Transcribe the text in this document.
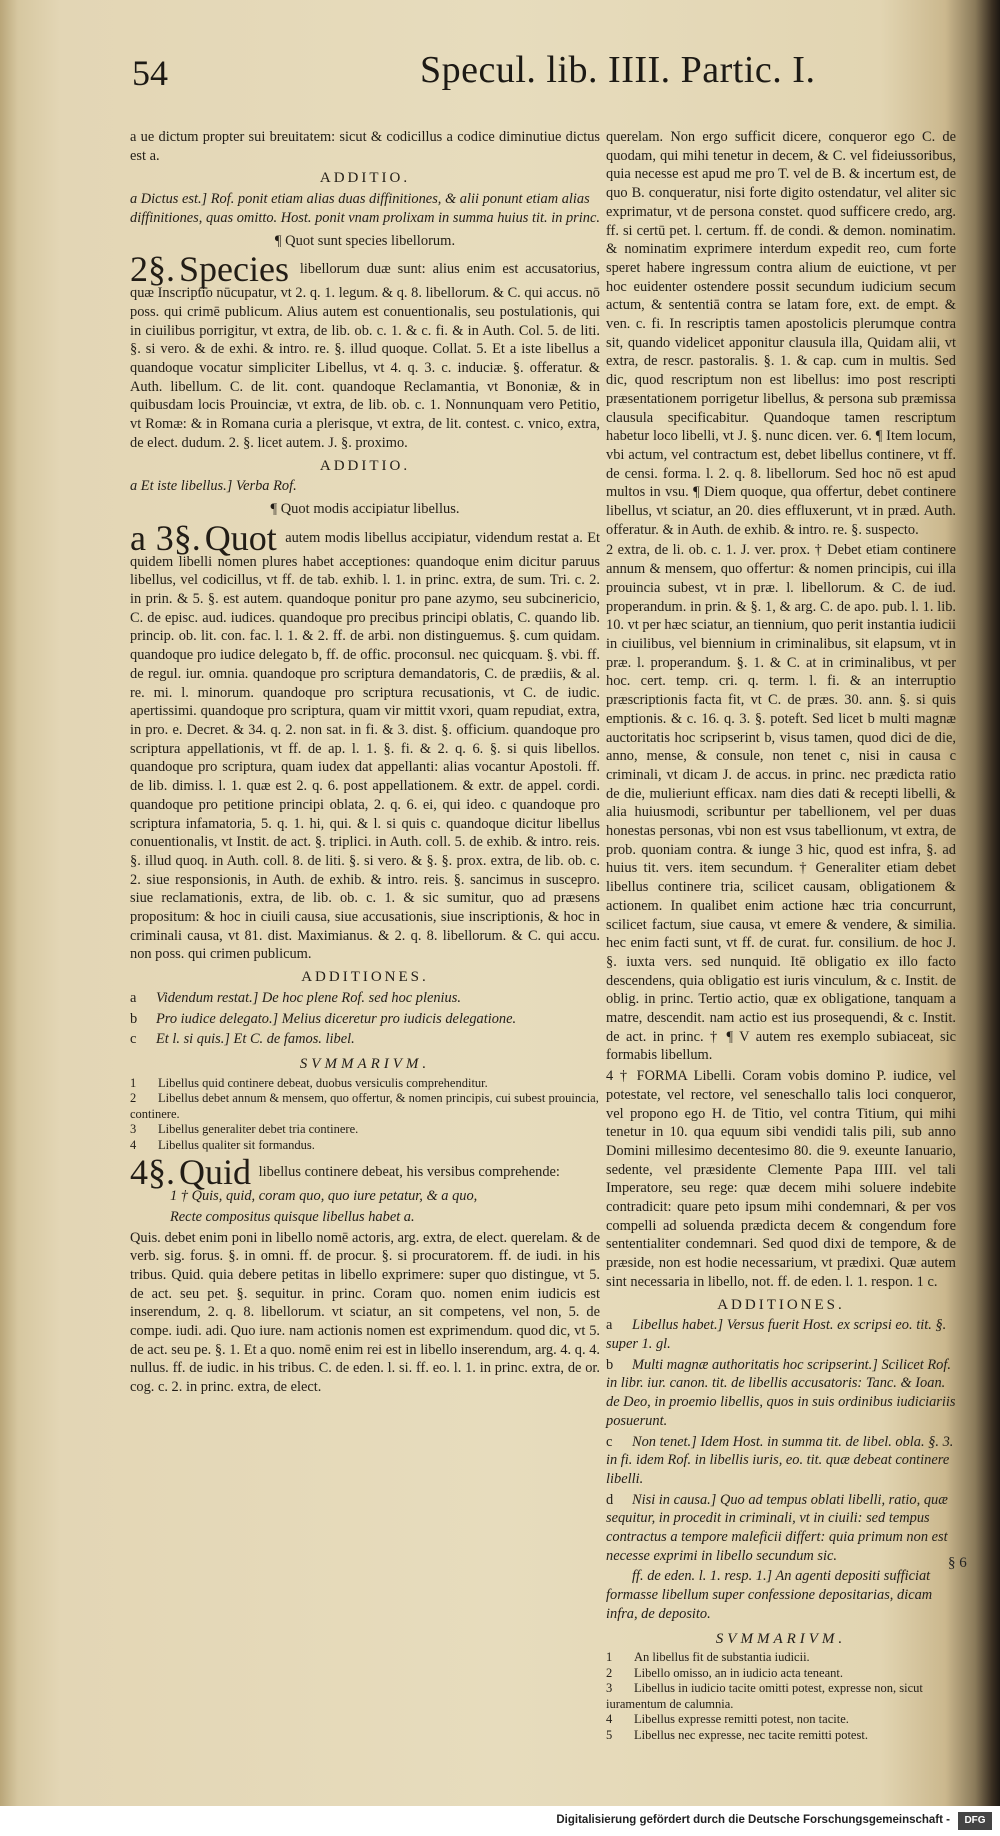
54	Specul. lib. IIII. Partic. I.

a ue dictum propter sui breuitatem: sicut & codicillus a codice diminutiue dictus est a.

ADDITIO.

a Dictus est.] Rof. ponit etiam alias duas diffinitiones, & alii ponunt etiam alias diffinitiones, quas omitto. Host. ponit vnam prolixam in summa huius tit. in princ.

¶ Quot sunt species libellorum.

2§. Species libellorum duæ sunt: alius enim est accusatorius, quæ Inscriptio nūcupatur, vt 2. q. 1. legum. & q. 8. libellorum. & C. qui accus. nō poss. qui crimē publicum. Alius autem est conuentionalis, seu postulationis, qui in ciuilibus porrigitur, vt extra, de lib. ob. c. 1. & c. fi. & in Auth. Col. 5. de liti. §. si vero. & de exhi. & intro. re. §. illud quoque. Collat. 5. Et a iste libellus a quandoque vocatur simpliciter Libellus, vt 4. q. 3. c. induciæ. §. offeratur. & Auth. libellum. C. de lit. cont. quandoque Reclamantia, vt Bononiæ, & in quibusdam locis Prouinciæ, vt extra, de lib. ob. c. 1. Nonnunquam vero Petitio, vt Romæ: & in Romana curia a plerisque, vt extra, de lit. contest. c. vnico, extra, de elect. dudum. 2. §. licet autem. J. §. proximo.

ADDITIO.

a Et iste libellus.] Verba Rof.

¶ Quot modis accipiatur libellus.

a 3§. Quot autem modis libellus accipiatur, videndum restat a. Et quidem libelli nomen plures habet acceptiones: quandoque enim dicitur paruus libellus, vel codicillus, vt ff. de tab. exhib. l. 1. in princ. extra, de sum. Tri. c. 2. in prin. & 5. §. est autem. quandoque ponitur pro pane azymo, seu subcinericio, C. de episc. aud. iudices. quandoque pro precibus principi oblatis, C. quando lib. princip. ob. lit. con. fac. l. 1. & 2. ff. de arbi. non distinguemus. §. cum quidam. quandoque pro iudice delegato b, ff. de offic. proconsul. nec quicquam. §. vbi. ff. de regul. iur. omnia. quandoque pro scriptura demandatoris, C. de prædiis, & al. re. mi. l. minorum. quandoque pro scriptura recusationis, vt C. de iudic. apertissimi. quandoque pro scriptura, quam vir mittit vxori, quam repudiat, extra, in pro. e. Decret. & 34. q. 2. non sat. in fi. & 3. dist. §. officium. quandoque pro scriptura appellationis, vt ff. de ap. l. 1. §. fi. & 2. q. 6. §. si quis libellos. quandoque pro scriptura, quam iudex dat appellanti: alias vocantur Apostoli. ff. de lib. dimiss. l. 1. quæ est 2. q. 6. post appellationem. & extr. de appel. cordi. quandoque pro petitione principi oblata, 2. q. 6. ei, qui ideo. c quandoque pro scriptura infamatoria, 5. q. 1. hi, qui. & l. si quis c. quandoque dicitur libellus conuentionalis, vt Instit. de act. §. triplici. in Auth. coll. 5. de exhib. & intro. reis. §. illud quoq. in Auth. coll. 8. de liti. §. si vero. & §. §. prox. extra, de lib. ob. c. 2. siue responsionis, in Auth. de exhib. & intro. reis. §. sancimus in suscepro. siue reclamationis, extra, de lib. ob. c. 1. & sic sumitur, quo ad præsens propositum: & hoc in ciuili causa, siue accusationis, siue inscriptionis, & hoc in criminali causa, vt 81. dist. Maximianus. & 2. q. 8. libellorum. & C. qui accu. non poss. qui crimen publicum.

ADDITIONES.

a Videndum restat.] De hoc plene Rof. sed hoc plenius.

b Pro iudice delegato.] Melius diceretur pro iudicis delegatione.

c Et l. si quis.] Et C. de famos. libel.

SVMMARIVM.

1 Libellus quid continere debeat, duobus versiculis comprehenditur.

2 Libellus debet annum & mensem, quo offertur, & nomen principis, cui subest prouincia, continere.

3 Libellus generaliter debet tria continere.

4 Libellus qualiter sit formandus.

4§. Quid libellus continere debeat, his versibus comprehende:

1 † Quis, quid, coram quo, quo iure petatur, & a quo,

Recte compositus quisque libellus habet a.

Quis. debet enim poni in libello nomē actoris, arg. extra, de elect. querelam. & de verb. sig. forus. §. in omni. ff. de procur. §. si procuratorem. ff. de iudi. in his tribus. Quid. quia debere petitas in libello exprimere: super quo distingue, vt 5. de act. seu pet. §. sequitur. in princ. Coram quo. nomen enim iudicis est inserendum, 2. q. 8. libellorum. vt sciatur, an sit competens, vel non, 5. de compe. iudi. adi. Quo iure. nam actionis nomen est exprimendum. quod dic, vt 5. de act. seu pe. §. 1. Et a quo. nomē enim rei est in libello inserendum, arg. 4. q. 4. nullus. ff. de iudic. in his tribus. C. de eden. l. si. ff. eo. l. 1. in princ. extra, de or. cog. c. 2. in princ. extra, de elect.

querelam. Non ergo sufficit dicere, conqueror ego C. de quodam, qui mihi tenetur in decem, & C. vel fideiussoribus, quia necesse est apud me pro T. vel de B. & incertum est, de quo B. conqueratur, nisi forte digito ostendatur, vel aliter sic exprimatur, vt de persona constet. quod sufficere credo, arg. ff. si certū pet. l. certum. ff. de condi. & demon. nominatim. & nominatim exprimere interdum expedit reo, cum forte speret habere ingressum contra alium de euictione, vt per hoc euidenter ostendere possit secundum iudicium secum actum, & sententiā contra se latam fore, ext. de empt. & ven. c. fi. In rescriptis tamen apostolicis plerumque contra sit, quando videlicet apponitur clausula illa, Quidam alii, vt extra, de rescr. pastoralis. §. 1. & cap. cum in multis. Sed dic, quod rescriptum non est libellus: imo post rescripti præsentationem porrigetur libellus, & persona sub præmissa clausula specificabitur. Quandoque tamen rescriptum habetur loco libelli, vt J. §. nunc dicen. ver. 6. ¶ Item locum, vbi actum, vel contractum est, debet libellus continere, vt ff. de censi. forma. l. 2. q. 8. libellorum. Sed hoc nō est apud multos in vsu. ¶ Diem quoque, qua offertur, debet continere libellus, vt sciatur, an 20. dies effluxerunt, vt in præd. Auth. offeratur. & in Auth. de exhib. & intro. re. §. suspecto.

2 extra, de li. ob. c. 1. J. ver. prox. † Debet etiam continere annum & mensem, quo offertur: & nomen principis, cui illa prouincia subest, vt in præ. l. libellorum. & C. de iud. properandum. in prin. & §. 1, & arg. C. de apo. pub. l. 1. lib. 10. vt per hæc sciatur, an tiennium, quo perit instantia iudicii in ciuilibus, vel biennium in criminalibus, sit elapsum, vt in præ. l. properandum. §. 1. & C. at in criminalibus, vt per hoc. cert. temp. cri. q. term. l. fi. & an interruptio præscriptionis facta fit, vt C. de præs. 30. ann. §. si quis emptionis. & c. 16. q. 3. §. poteft. Sed licet b multi magnæ auctoritatis hoc scripserint b, visus tamen, quod dici de die, anno, mense, & consule, non tenet c, nisi in causa c criminali, vt dicam J. de accus. in princ. nec prædicta ratio de die, mulieriunt efficax. nam dies dati & recepti libelli, & alia huiusmodi, scribuntur per tabellionem, vel per duas honestas personas, vbi non est vsus tabellionum, vt extra, de prob. quoniam contra. & iunge 3 hic, quod est infra, §. ad huius tit. vers. item secundum. † Generaliter etiam debet libellus continere tria, scilicet causam, obligationem & actionem. In qualibet enim actione hæc tria concurrunt, scilicet factum, siue causa, vt emere & vendere, & similia. hec enim facti sunt, vt ff. de curat. fur. consilium. de hoc J. §. iuxta vers. sed nunquid. Itē obligatio ex illo facto descendens, quia obligatio est iuris vinculum, & c. Instit. de oblig. in princ. Tertio actio, quæ ex obligatione, tanquam a matre, descendit. nam actio est ius prosequendi, & c. Instit. de act. in princ. † ¶ V autem res exemplo subiaceat, sic formabis libellum.

4 † FORMA Libelli. Coram vobis domino P. iudice, vel potestate, vel rectore, vel seneschallo talis loci conqueror, vel propono ego H. de Titio, vel contra Titium, qui mihi tenetur in 10. qua equum sibi vendidi talis pili, sub anno Domini millesimo decentesimo 80. die 9. exeunte Ianuario, sedente, vel præsidente Clemente Papa IIII. vel tali Imperatore, seu rege: quæ decem mihi soluere indebite contradicit: quare peto ipsum mihi condemnari, & per vos compelli ad soluenda prædicta decem & congendum fore sententialiter condemnari. Sed quod dixi de tempore, & de præside, non est hodie necessarium, vt prædixi. Quæ autem sint necessaria in libello, not. ff. de eden. l. 1. respon. 1 c.

ADDITIONES.

a Libellus habet.] Versus fuerit Host. ex scripsi eo. tit. §. super 1. gl.

b Multi magnæ authoritatis hoc scripserint.] Scilicet Rof. in libr. iur. canon. tit. de libellis accusatoris: Tanc. & Ioan. de Deo, in proemio libellis, quos in suis ordinibus iudiciariis posuerunt.

c Non tenet.] Idem Host. in summa tit. de libel. obla. §. 3. in fi. idem Rof. in libellis iuris, eo. tit. quæ debeat continere libelli.

d Nisi in causa.] Quo ad tempus oblati libelli, ratio, quæ sequitur, in procedit in criminali, vt in ciuili: sed tempus contractus a tempore maleficii differt: quia primum non est necesse exprimi in libello secundum sic.

ff. de eden. l. 1. resp. 1.] An agenti depositi sufficiat formasse libellum super confessione depositarias, dicam infra, de deposito.

SVMMARIVM.

1 An libellus fit de substantia iudicii.

2 Libello omisso, an in iudicio acta teneant.

3 Libellus in iudicio tacite omitti potest, expresse non, sicut iuramentum de calumnia.

4 Libellus expresse remitti potest, non tacite.

5 Libellus nec expresse, nec tacite remitti potest.

§ 6
Digitalisierung gefördert durch die Deutsche Forschungsgemeinschaft -	DFG
